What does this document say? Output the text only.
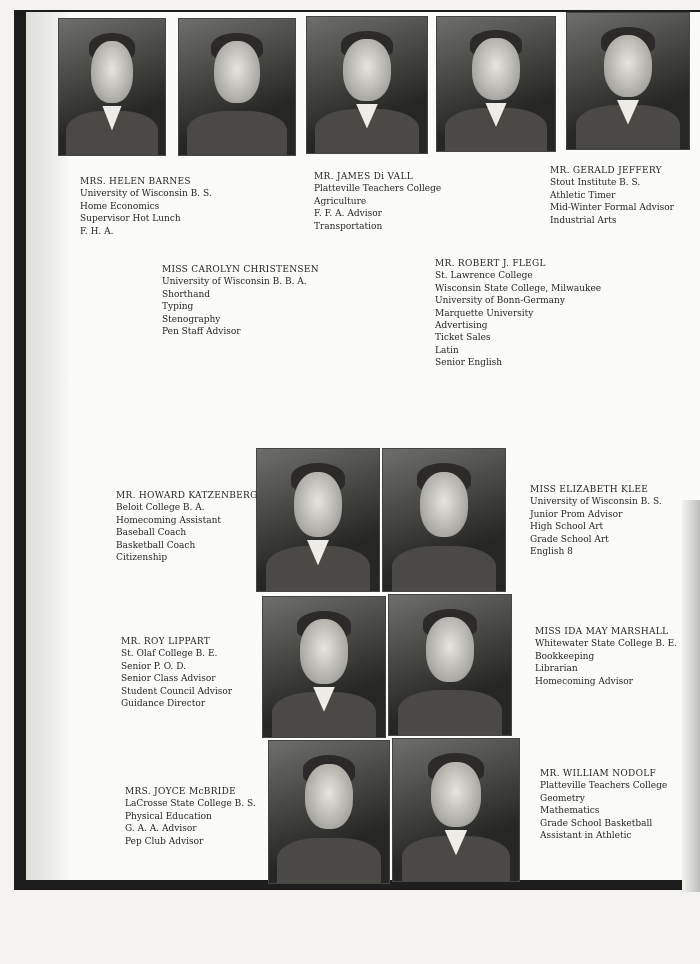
MRS. HELEN BARNES
University of Wisconsin B. S.
Home Economics
Supervisor Hot Lunch
F. H. A.
MR. JAMES Di VALL
Platteville Teachers College
Agriculture
F. F. A. Advisor
Transportation
MR. GERALD JEFFERY
Stout Institute B. S.
Athletic Timer
Mid-Winter Formal Advisor
Industrial Arts
MISS CAROLYN CHRISTENSEN
University of Wisconsin B. B. A.
Shorthand
Typing
Stenography
Pen Staff Advisor
MR. ROBERT J. FLEGL
St. Lawrence College
Wisconsin State College, Milwaukee
University of Bonn-Germany
Marquette University
Advertising
Ticket Sales
Latin
Senior English
MR. HOWARD KATZENBERG
Beloit College B. A.
Homecoming Assistant
Baseball Coach
Basketball Coach
Citizenship
MISS ELIZABETH KLEE
University of Wisconsin B. S.
Junior Prom Advisor
High School Art
Grade School Art
English 8
MR. ROY LIPPART
St. Olaf College B. E.
Senior P. O. D.
Senior Class Advisor
Student Council Advisor
Guidance Director
MISS IDA MAY MARSHALL
Whitewater State College B. E.
Bookkeeping
Librarian
Homecoming Advisor
MRS. JOYCE McBRIDE
LaCrosse State College B. S.
Physical Education
G. A. A. Advisor
Pep Club Advisor
MR. WILLIAM NODOLF
Platteville Teachers College
Geometry
Mathematics
Grade School Basketball
Assistant in Athletic
